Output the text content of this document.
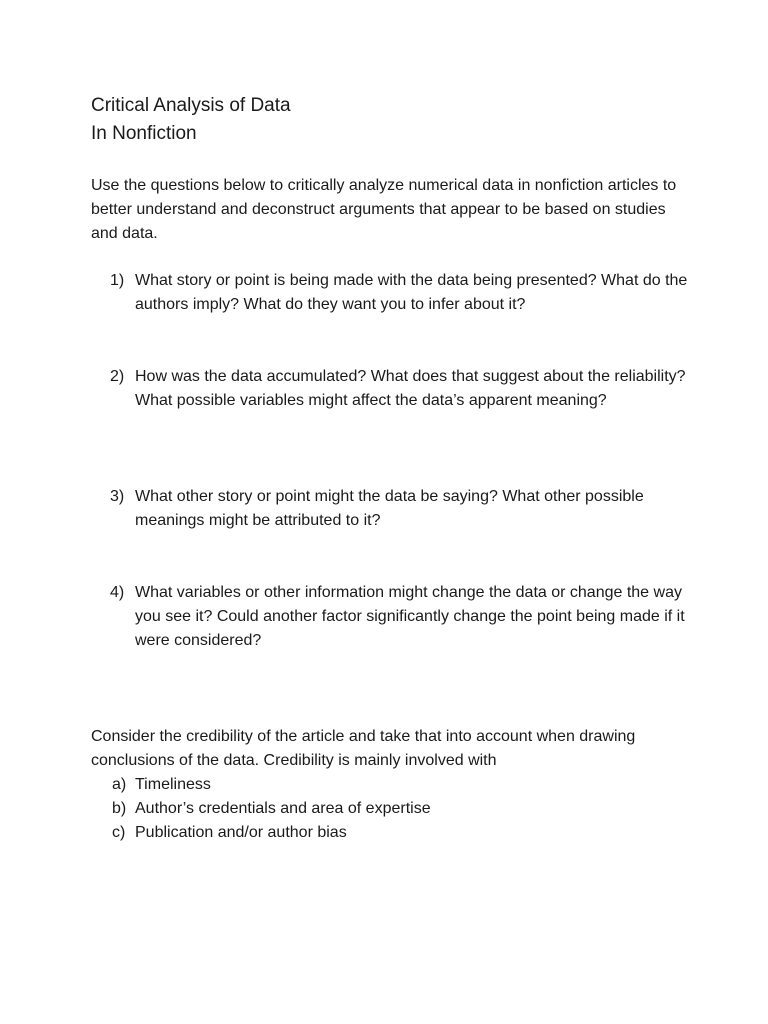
Critical Analysis of Data
In Nonfiction
Use the questions below to critically analyze numerical data in nonfiction articles to better understand and deconstruct arguments that appear to be based on studies and data.
1) What story or point is being made with the data being presented? What do the authors imply? What do they want you to infer about it?
2) How was the data accumulated? What does that suggest about the reliability? What possible variables might affect the data’s apparent meaning?
3) What other story or point might the data be saying? What other possible meanings might be attributed to it?
4) What variables or other information might change the data or change the way you see it? Could another factor significantly change the point being made if it were considered?
Consider the credibility of the article and take that into account when drawing conclusions of the data. Credibility is mainly involved with
a) Timeliness
b) Author’s credentials and area of expertise
c) Publication and/or author bias
